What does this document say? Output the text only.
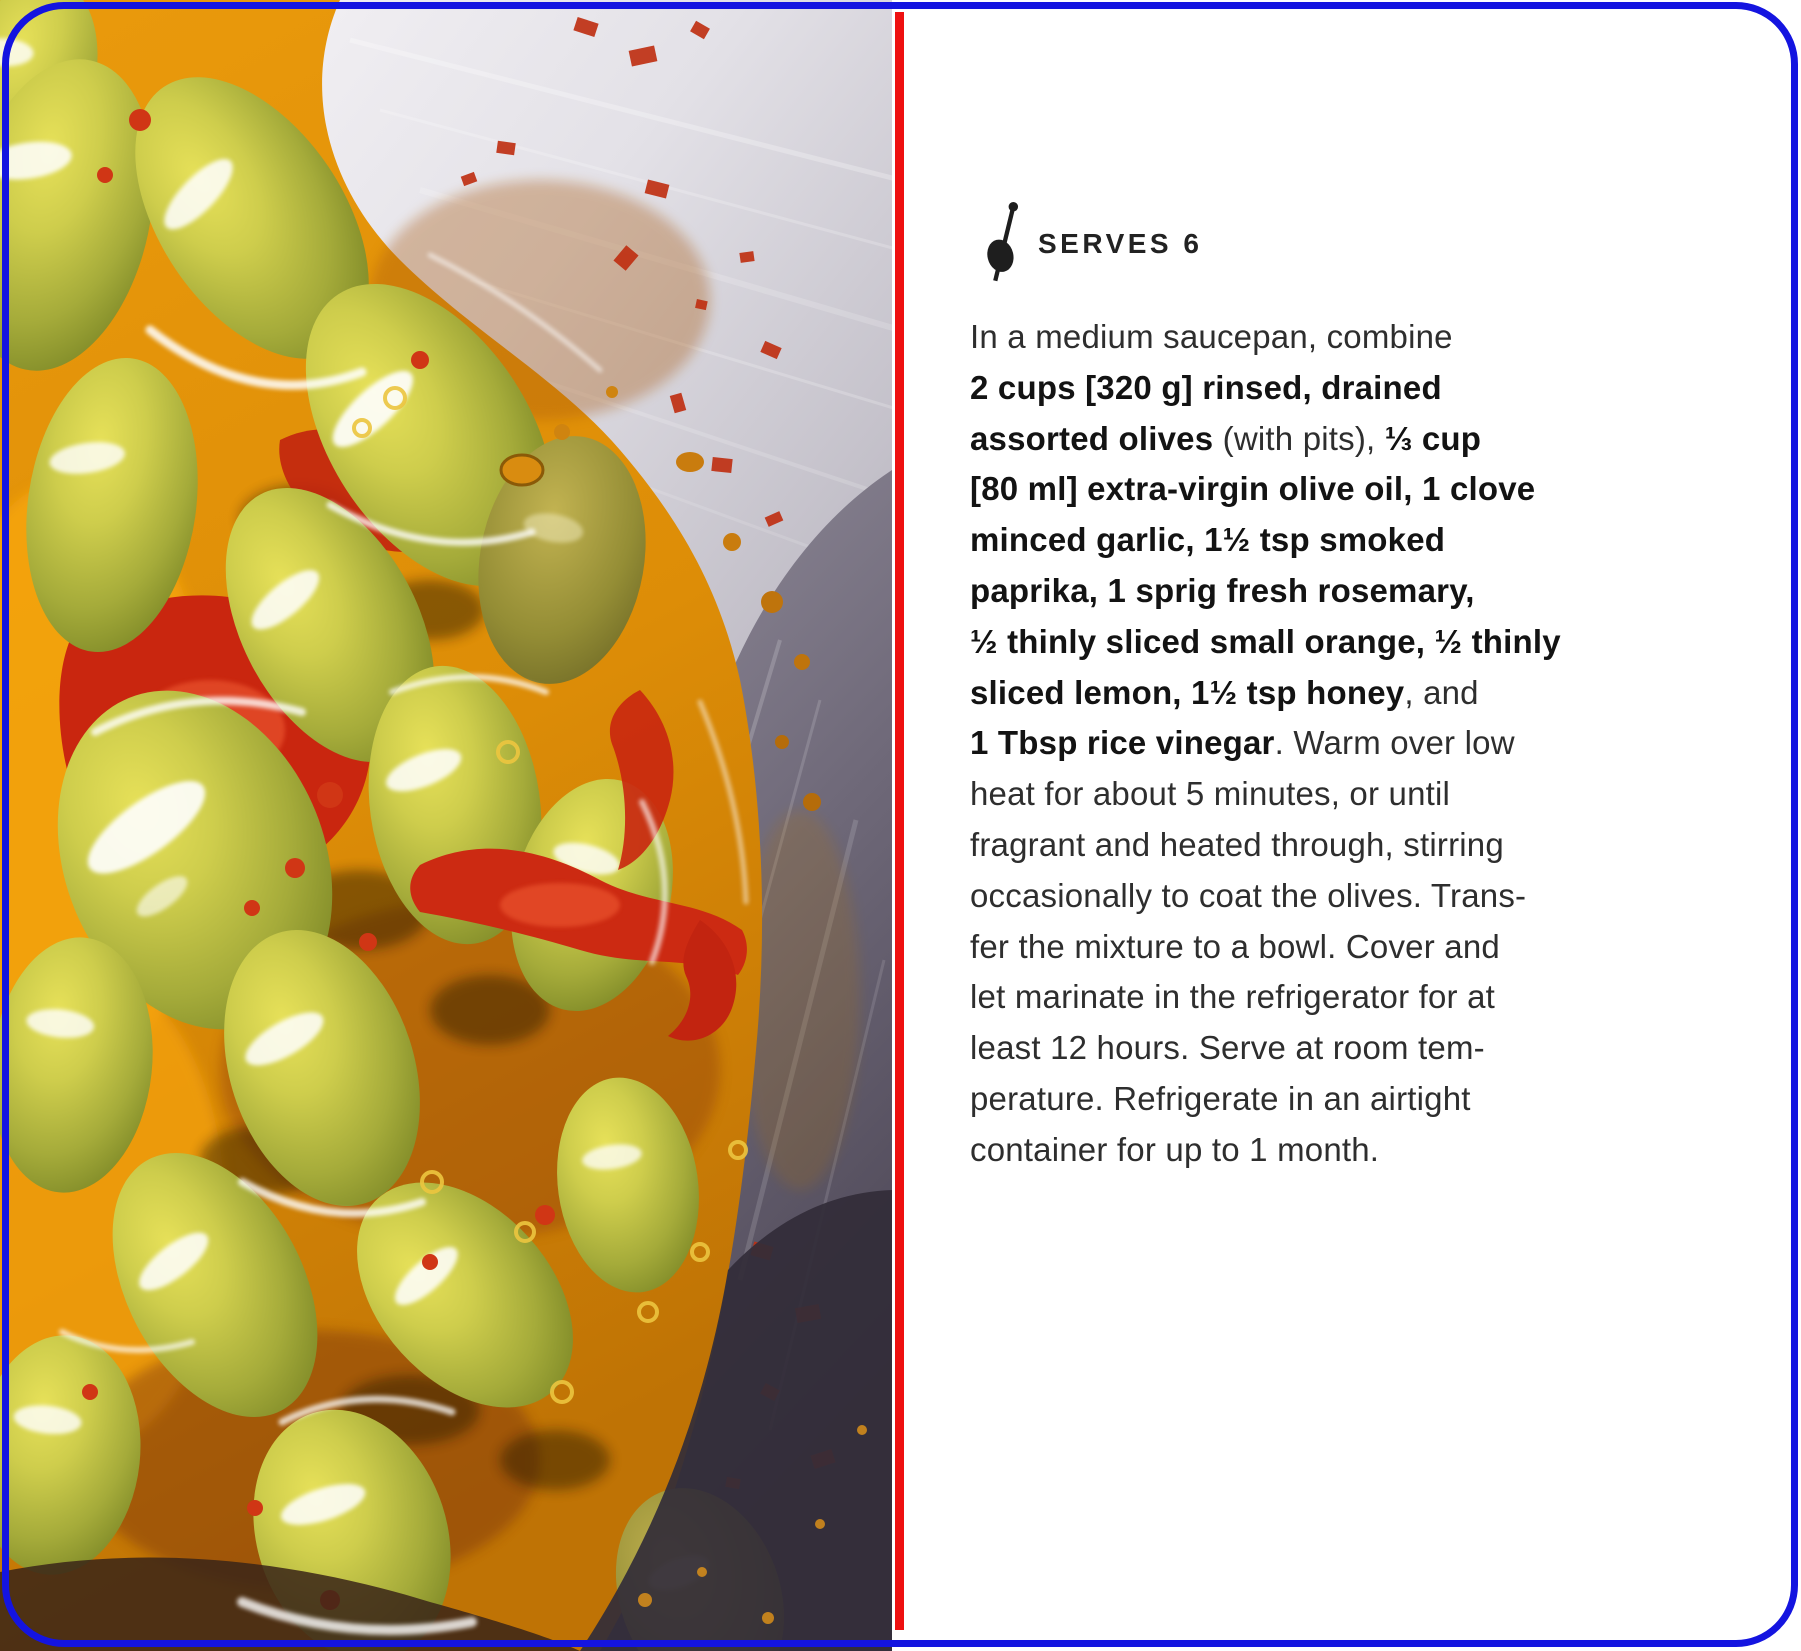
SERVES 6
In a medium saucepan, combine
2 cups [320 g] rinsed, drained
assorted olives (with pits), ⅓ cup
[80 ml] extra-virgin olive oil, 1 clove
minced garlic, 1½ tsp smoked
paprika, 1 sprig fresh rosemary,
½ thinly sliced small orange, ½ thinly
sliced lemon, 1½ tsp honey, and
1 Tbsp rice vinegar. Warm over low
heat for about 5 minutes, or until
fragrant and heated through, stirring
occasionally to coat the olives. Trans-
fer the mixture to a bowl. Cover and
let marinate in the refrigerator for at
least 12 hours. Serve at room tem-
perature. Refrigerate in an airtight
container for up to 1 month.
